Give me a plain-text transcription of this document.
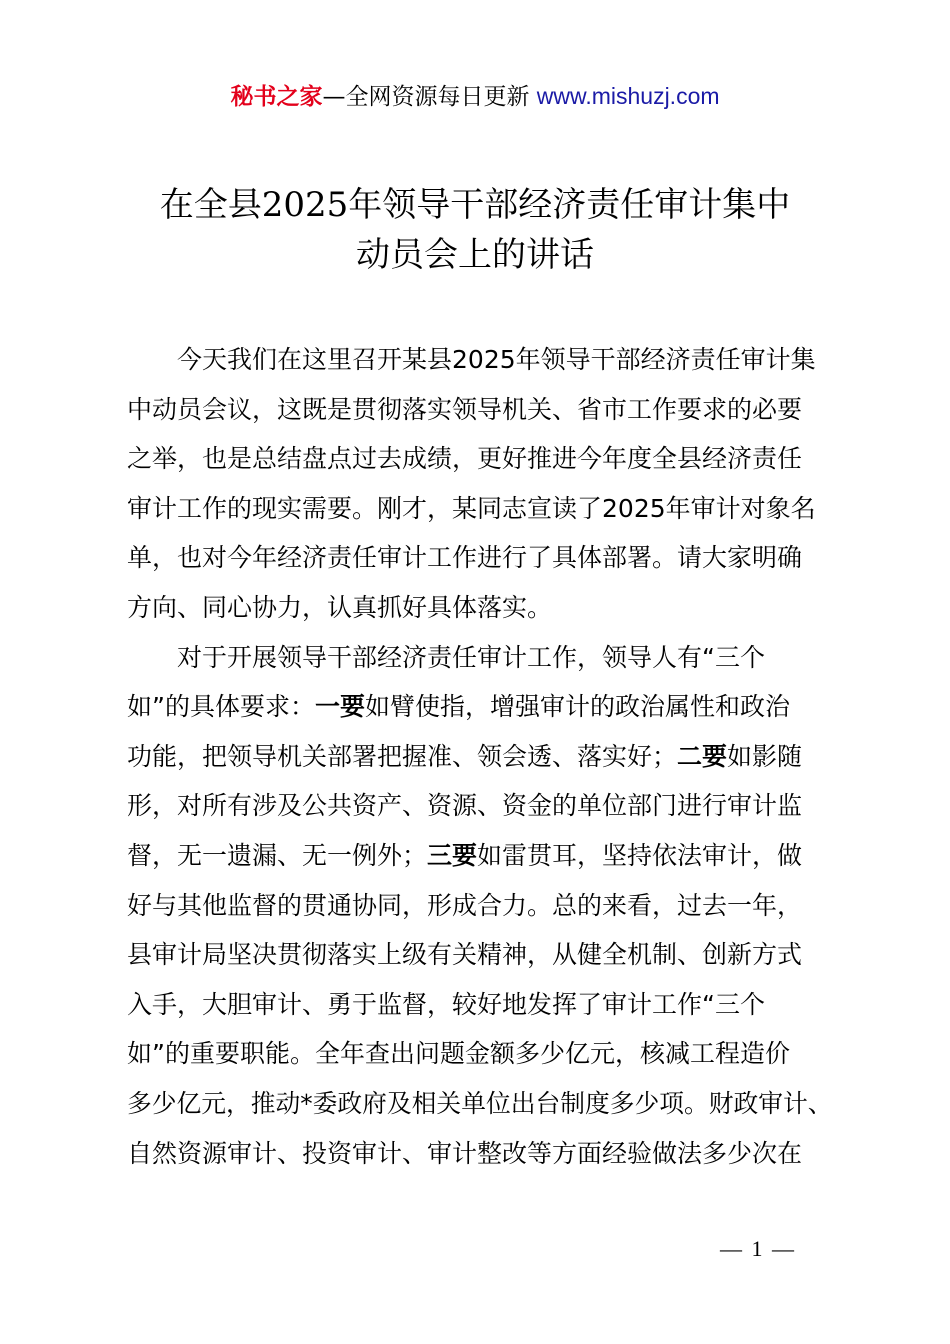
秘书之家—全网资源每日更新 www.mishuzj.com
在全县2025年领导干部经济责任审计集中
动员会上的讲话
今天我们在这里召开某县2025年领导干部经济责任审计集
中动员会议，这既是贯彻落实领导机关、省市工作要求的必要
之举，也是总结盘点过去成绩，更好推进今年度全县经济责任
审计工作的现实需要。刚才，某同志宣读了2025年审计对象名
单，也对今年经济责任审计工作进行了具体部署。请大家明确
方向、同心协力，认真抓好具体落实。
对于开展领导干部经济责任审计工作，领导人有“三个
如”的具体要求：一要如臂使指，增强审计的政治属性和政治
功能，把领导机关部署把握准、领会透、落实好；二要如影随
形，对所有涉及公共资产、资源、资金的单位部门进行审计监
督，无一遗漏、无一例外；三要如雷贯耳，坚持依法审计，做
好与其他监督的贯通协同，形成合力。总的来看，过去一年，
县审计局坚决贯彻落实上级有关精神，从健全机制、创新方式
入手，大胆审计、勇于监督，较好地发挥了审计工作“三个
如”的重要职能。全年查出问题金额多少亿元，核减工程造价
多少亿元，推动*委政府及相关单位出台制度多少项。财政审计、
自然资源审计、投资审计、审计整改等方面经验做法多少次在
— 1 —
